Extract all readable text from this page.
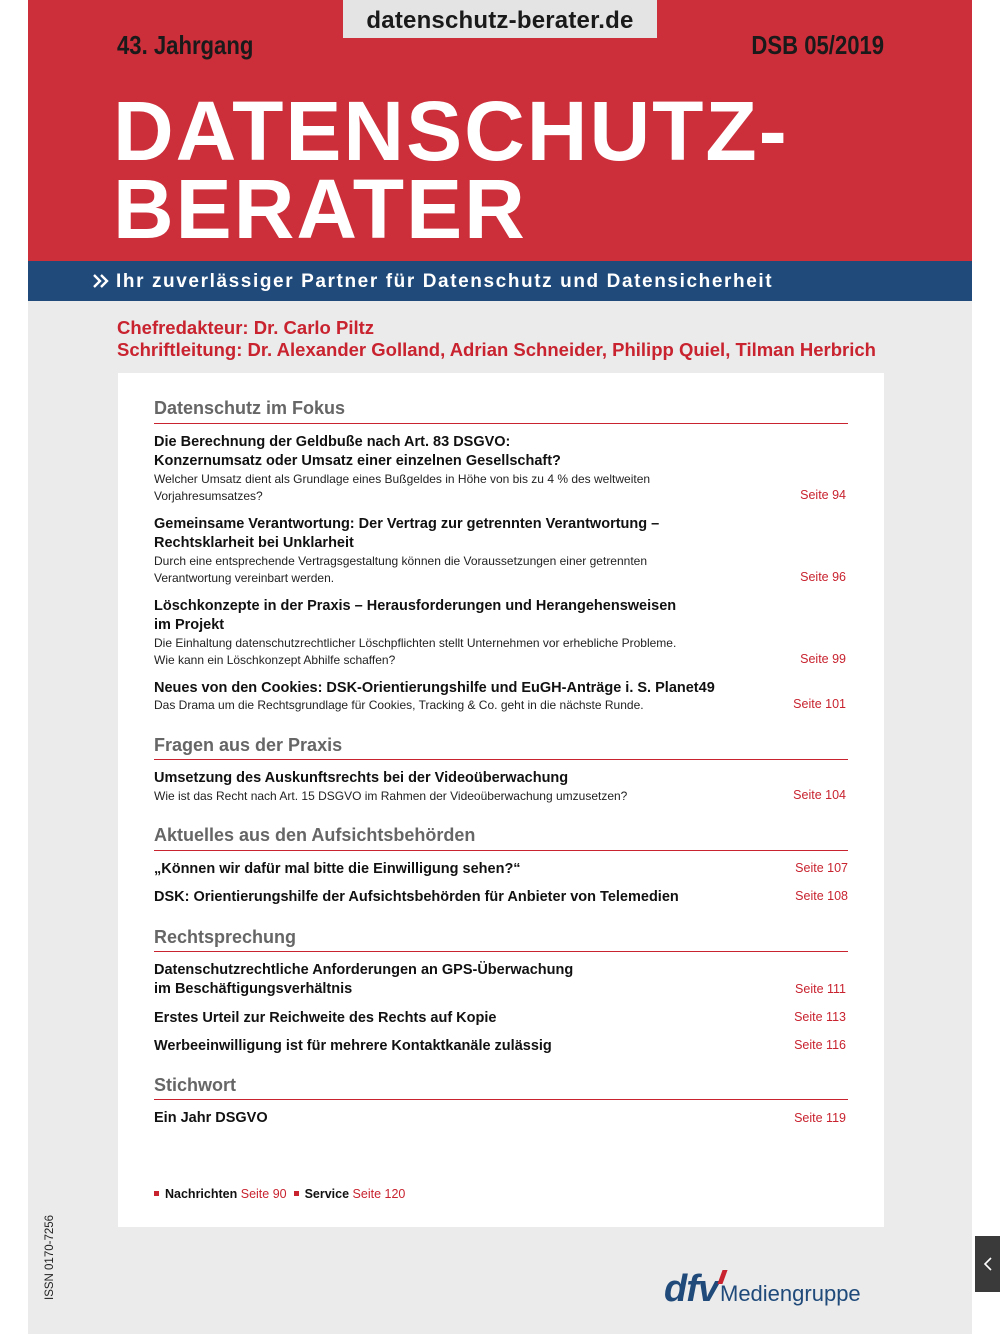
datenschutz-berater.de
43. Jahrgang	DSB 05/2019
DATENSCHUTZ-
BERATER
Ihr zuverlässiger Partner für Datenschutz und Datensicherheit
Chefredakteur: Dr. Carlo Piltz
Schriftleitung: Dr. Alexander Golland, Adrian Schneider, Philipp Quiel, Tilman Herbrich
Datenschutz im Fokus
Die Berechnung der Geldbuße nach Art. 83 DSGVO:
Konzernumsatz oder Umsatz einer einzelnen Gesellschaft?
Welcher Umsatz dient als Grundlage eines Bußgeldes in Höhe von bis zu 4 % des weltweiten
Vorjahresumsatzes?	Seite 94
Gemeinsame Verantwortung: Der Vertrag zur getrennten Verantwortung –
Rechtsklarheit bei Unklarheit
Durch eine entsprechende Vertragsgestaltung können die Voraussetzungen einer getrennten
Verantwortung vereinbart werden.	Seite 96
Löschkonzepte in der Praxis – Herausforderungen und Herangehensweisen
im Projekt
Die Einhaltung datenschutzrechtlicher Löschpflichten stellt Unternehmen vor erhebliche Probleme.
Wie kann ein Löschkonzept Abhilfe schaffen?	Seite 99
Neues von den Cookies: DSK-Orientierungshilfe und EuGH-Anträge i. S. Planet49
Das Drama um die Rechtsgrundlage für Cookies, Tracking & Co. geht in die nächste Runde.	Seite 101
Fragen aus der Praxis
Umsetzung des Auskunftsrechts bei der Videoüberwachung
Wie ist das Recht nach Art. 15 DSGVO im Rahmen der Videoüberwachung umzusetzen?	Seite 104
Aktuelles aus den Aufsichtsbehörden
„Können wir dafür mal bitte die Einwilligung sehen?“	Seite 107
DSK: Orientierungshilfe der Aufsichtsbehörden für Anbieter von Telemedien	Seite 108
Rechtsprechung
Datenschutzrechtliche Anforderungen an GPS-Überwachung
im Beschäftigungsverhältnis	Seite 111
Erstes Urteil zur Reichweite des Rechts auf Kopie	Seite 113
Werbeeinwilligung ist für mehrere Kontaktkanäle zulässig	Seite 116
Stichwort
Ein Jahr DSGVO	Seite 119
Nachrichten Seite 90 Service Seite 120
ISSN 0170-7256	dfvMediengruppe
